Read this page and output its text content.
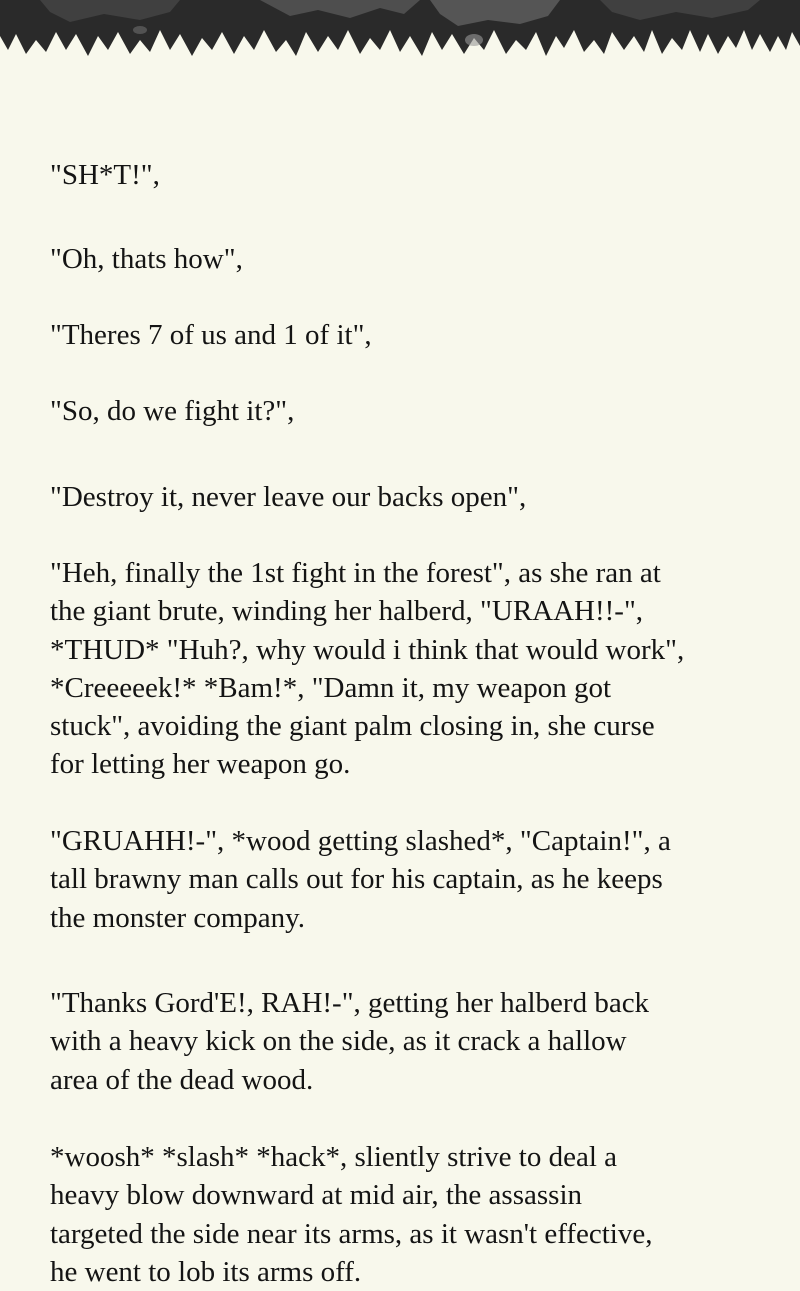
"SH*T!",

"Oh, thats how",

"Theres 7 of us and 1 of it",

"So, do we fight it?",

"Destroy it, never leave our backs open",

"Heh, finally the 1st fight in the forest", as she ran at
the giant brute, winding her halberd, "URAAH!!-",
*THUD* "Huh?, why would i think that would work",
*Creeeeek!* *Bam!*, "Damn it, my weapon got
stuck", avoiding the giant palm closing in, she curse
for letting her weapon go.

"GRUAHH!-", *wood getting slashed*, "Captain!", a
tall brawny man calls out for his captain, as he keeps
the monster company.

"Thanks Gord'E!, RAH!-", getting her halberd back
with a heavy kick on the side, as it crack a hallow
area of the dead wood.

*woosh* *slash* *hack*, sliently strive to deal a
heavy blow downward at mid air, the assassin
targeted the side near its arms, as it wasn't effective,
he went to lob its arms off.
